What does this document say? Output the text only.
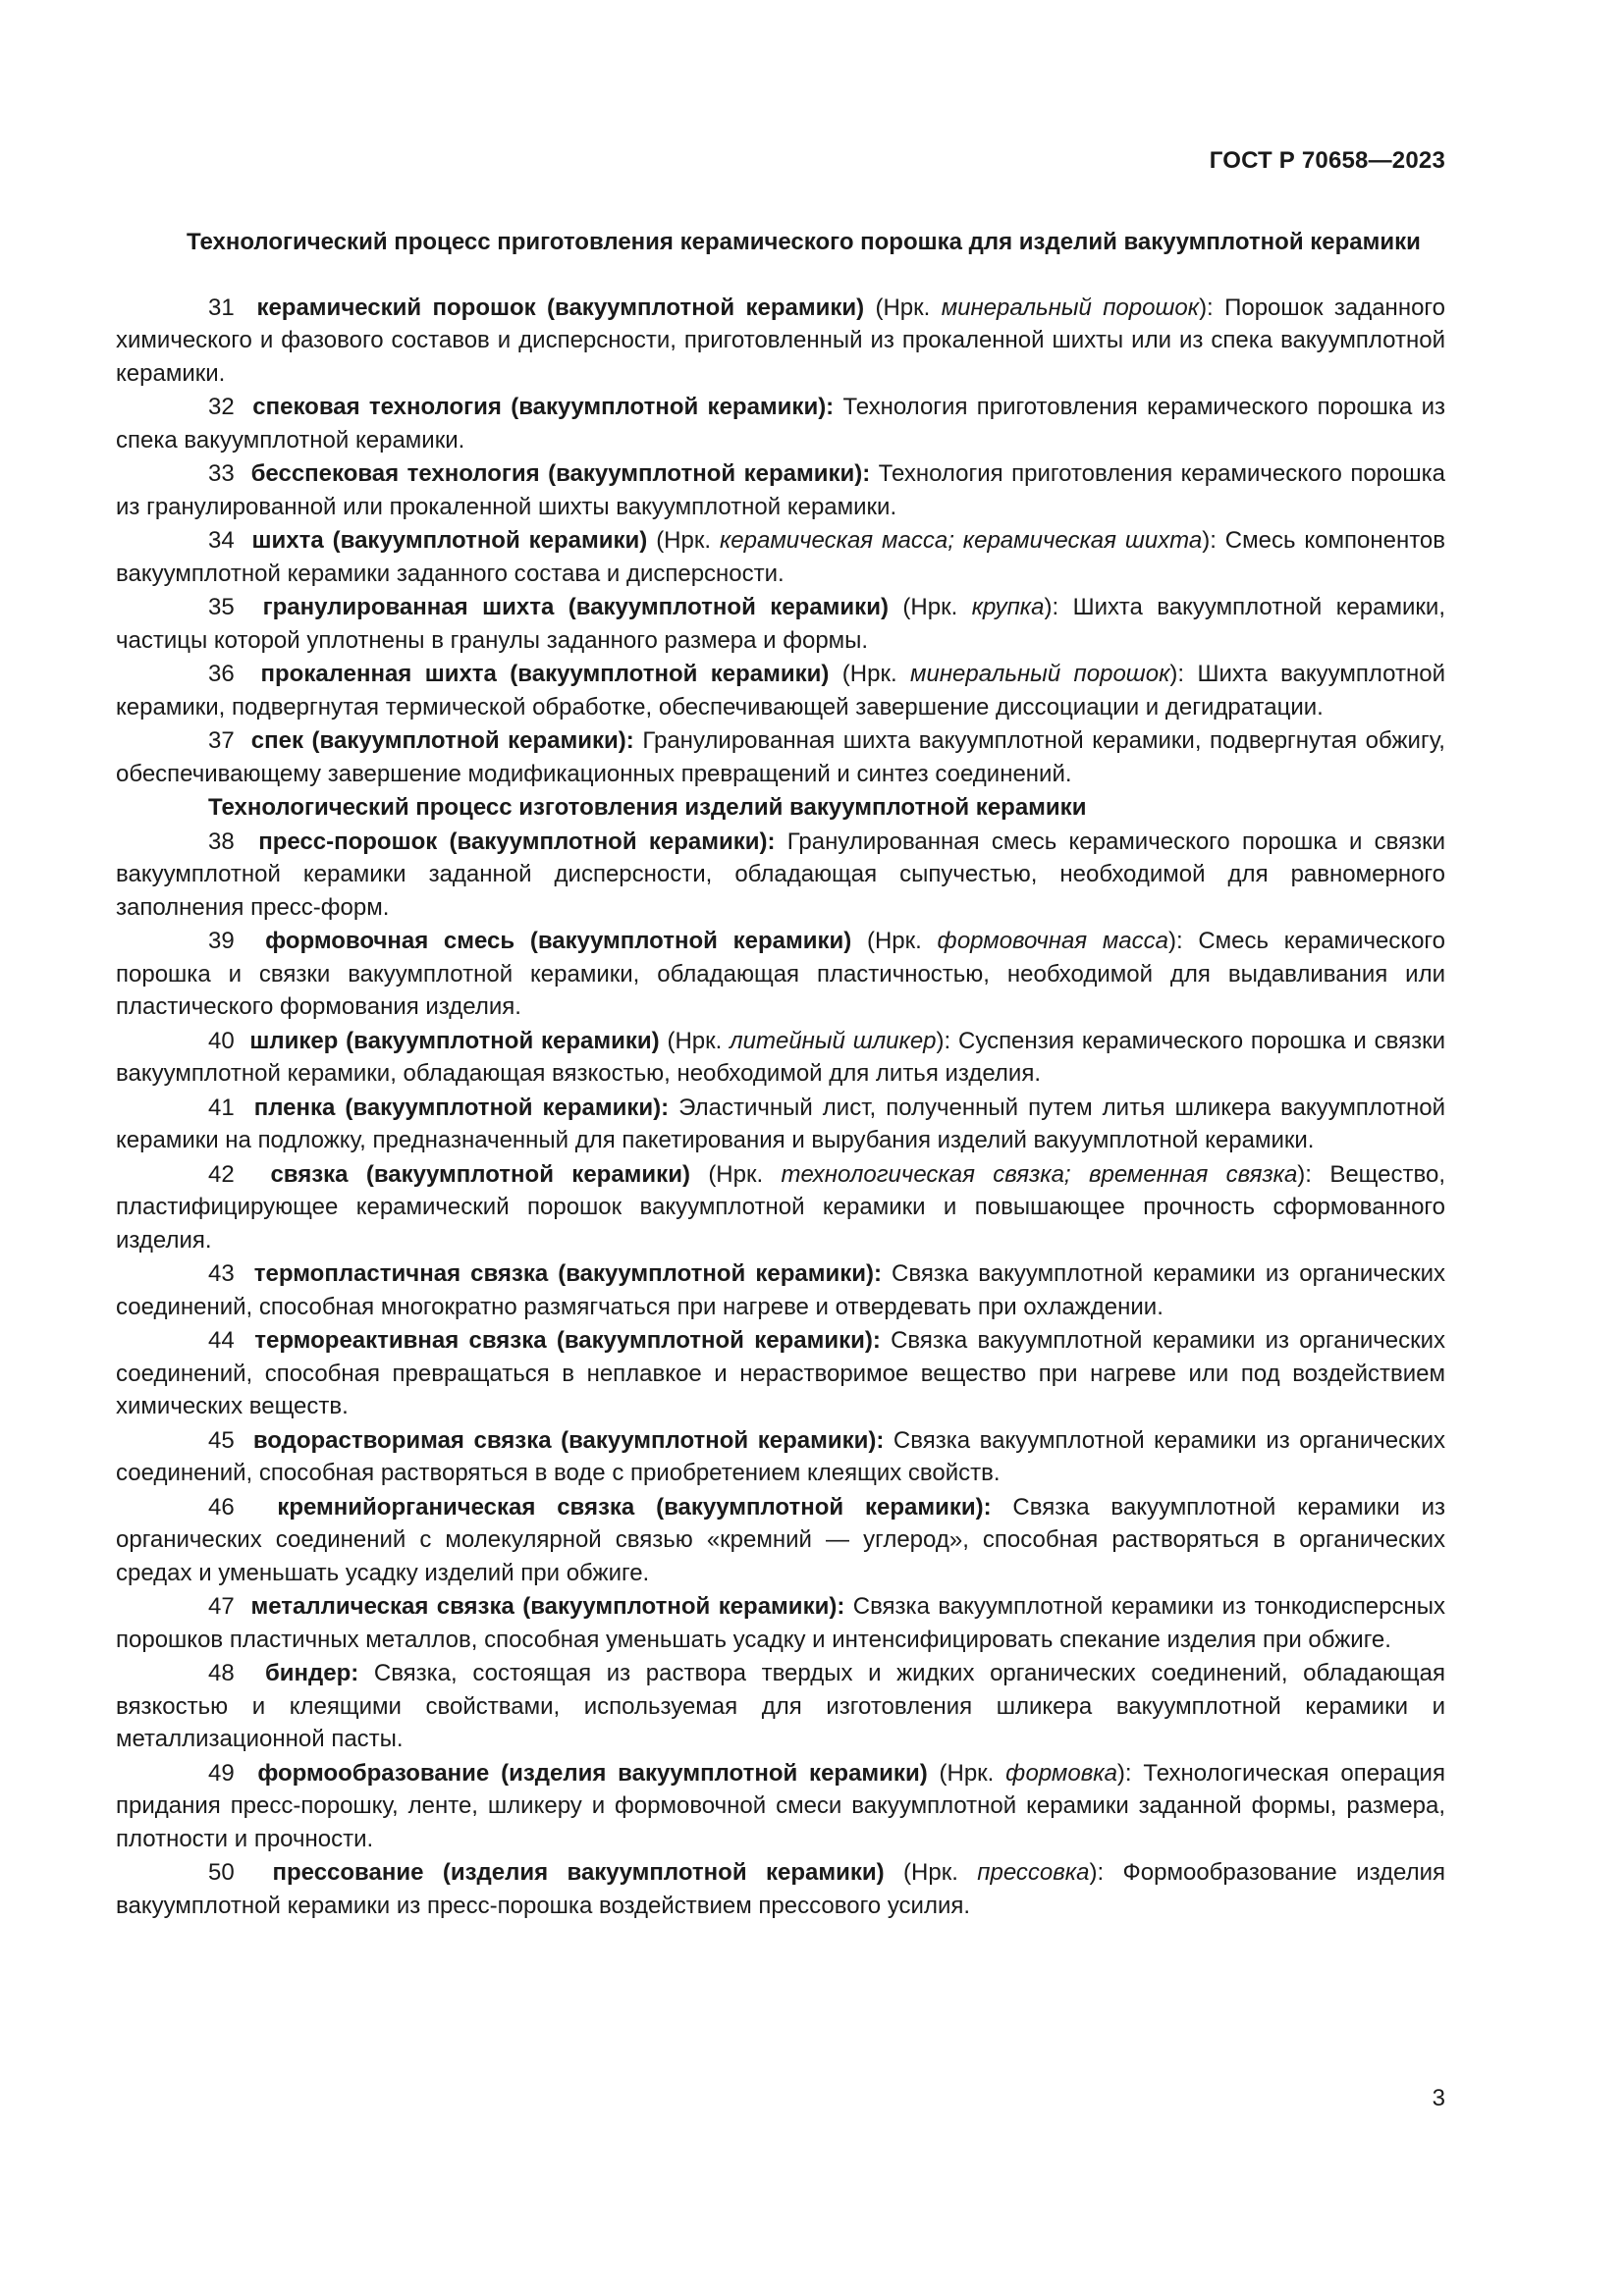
ГОСТ Р 70658—2023

Технологический процесс приготовления керамического порошка для изделий вакуумплотной керамики

31 керамический порошок (вакуумплотной керамики) (Нрк. минеральный порошок): Порошок заданного химического и фазового составов и дисперсности, приготовленный из прокаленной шихты или из спека вакуумплотной керамики.

32 спековая технология (вакуумплотной керамики): Технология приготовления керамического порошка из спека вакуумплотной керамики.

33 бесспековая технология (вакуумплотной керамики): Технология приготовления керамического порошка из гранулированной или прокаленной шихты вакуумплотной керамики.

34 шихта (вакуумплотной керамики) (Нрк. керамическая масса; керамическая шихта): Смесь компонентов вакуумплотной керамики заданного состава и дисперсности.

35 гранулированная шихта (вакуумплотной керамики) (Нрк. крупка): Шихта вакуумплотной керамики, частицы которой уплотнены в гранулы заданного размера и формы.

36 прокаленная шихта (вакуумплотной керамики) (Нрк. минеральный порошок): Шихта вакуумплотной керамики, подвергнутая термической обработке, обеспечивающей завершение диссоциации и дегидратации.

37 спек (вакуумплотной керамики): Гранулированная шихта вакуумплотной керамики, подвергнутая обжигу, обеспечивающему завершение модификационных превращений и синтез соединений.

Технологический процесс изготовления изделий вакуумплотной керамики

38 пресс-порошок (вакуумплотной керамики): Гранулированная смесь керамического порошка и связки вакуумплотной керамики заданной дисперсности, обладающая сыпучестью, необходимой для равномерного заполнения пресс-форм.

39 формовочная смесь (вакуумплотной керамики) (Нрк. формовочная масса): Смесь керамического порошка и связки вакуумплотной керамики, обладающая пластичностью, необходимой для выдавливания или пластического формования изделия.

40 шликер (вакуумплотной керамики) (Нрк. литейный шликер): Суспензия керамического порошка и связки вакуумплотной керамики, обладающая вязкостью, необходимой для литья изделия.

41 пленка (вакуумплотной керамики): Эластичный лист, полученный путем литья шликера вакуумплотной керамики на подложку, предназначенный для пакетирования и вырубания изделий вакуумплотной керамики.

42 связка (вакуумплотной керамики) (Нрк. технологическая связка; временная связка): Вещество, пластифицирующее керамический порошок вакуумплотной керамики и повышающее прочность сформованного изделия.

43 термопластичная связка (вакуумплотной керамики): Связка вакуумплотной керамики из органических соединений, способная многократно размягчаться при нагреве и отвердевать при охлаждении.

44 термореактивная связка (вакуумплотной керамики): Связка вакуумплотной керамики из органических соединений, способная превращаться в неплавкое и нерастворимое вещество при нагреве или под воздействием химических веществ.

45 водорастворимая связка (вакуумплотной керамики): Связка вакуумплотной керамики из органических соединений, способная растворяться в воде с приобретением клеящих свойств.

46 кремнийорганическая связка (вакуумплотной керамики): Связка вакуумплотной керамики из органических соединений с молекулярной связью «кремний — углерод», способная растворяться в органических средах и уменьшать усадку изделий при обжиге.

47 металлическая связка (вакуумплотной керамики): Связка вакуумплотной керамики из тонкодисперсных порошков пластичных металлов, способная уменьшать усадку и интенсифицировать спекание изделия при обжиге.

48 биндер: Связка, состоящая из раствора твердых и жидких органических соединений, обладающая вязкостью и клеящими свойствами, используемая для изготовления шликера вакуумплотной керамики и металлизационной пасты.

49 формообразование (изделия вакуумплотной керамики) (Нрк. формовка): Технологическая операция придания пресс-порошку, ленте, шликеру и формовочной смеси вакуумплотной керамики заданной формы, размера, плотности и прочности.

50 прессование (изделия вакуумплотной керамики) (Нрк. прессовка): Формообразование изделия вакуумплотной керамики из пресс-порошка воздействием прессового усилия.

3
